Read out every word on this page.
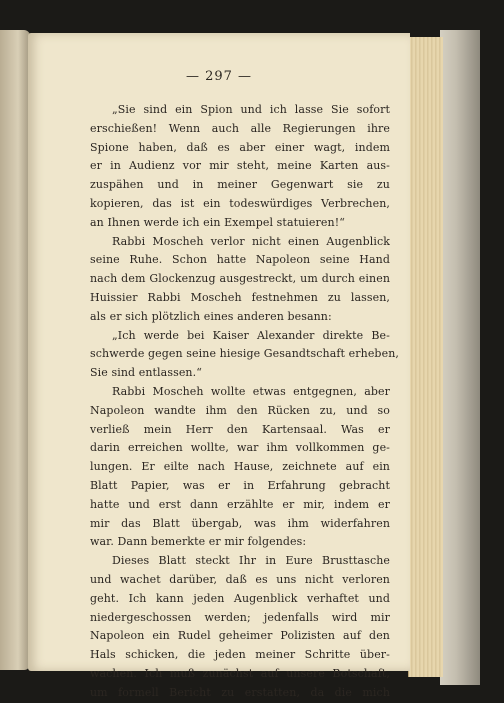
— 297 —
„Sie sind ein Spion und ich lasse Sie sofort
erschießen! Wenn auch alle Regierungen ihre
Spione haben, daß es aber einer wagt, indem
er in Audienz vor mir steht, meine Karten aus-
zuspähen und in meiner Gegenwart sie zu
kopieren, das ist ein todeswürdiges Verbrechen,
an Ihnen werde ich ein Exempel statuieren!“
Rabbi Moscheh verlor nicht einen Augenblick
seine Ruhe. Schon hatte Napoleon seine Hand
nach dem Glockenzug ausgestreckt, um durch einen
Huissier Rabbi Moscheh festnehmen zu lassen,
als er sich plötzlich eines anderen besann:
„Ich werde bei Kaiser Alexander direkte Be-
schwerde gegen seine hiesige Gesandtschaft erheben,
Sie sind entlassen.“
Rabbi Moscheh wollte etwas entgegnen, aber
Napoleon wandte ihm den Rücken zu, und so
verließ mein Herr den Kartensaal. Was er
darin erreichen wollte, war ihm vollkommen ge-
lungen. Er eilte nach Hause, zeichnete auf ein
Blatt Papier, was er in Erfahrung gebracht
hatte und erst dann erzählte er mir, indem er
mir das Blatt übergab, was ihm widerfahren
war. Dann bemerkte er mir folgendes:
Dieses Blatt steckt Ihr in Eure Brusttasche
und wachet darüber, daß es uns nicht verloren
geht. Ich kann jeden Augenblick verhaftet und
niedergeschossen werden; jedenfalls wird mir
Napoleon ein Rudel geheimer Polizisten auf den
Hals schicken, die jeden meiner Schritte über-
wachen. Ich muß zunächst auf unsere Botschaft,
um formell Bericht zu erstatten, da die mich
